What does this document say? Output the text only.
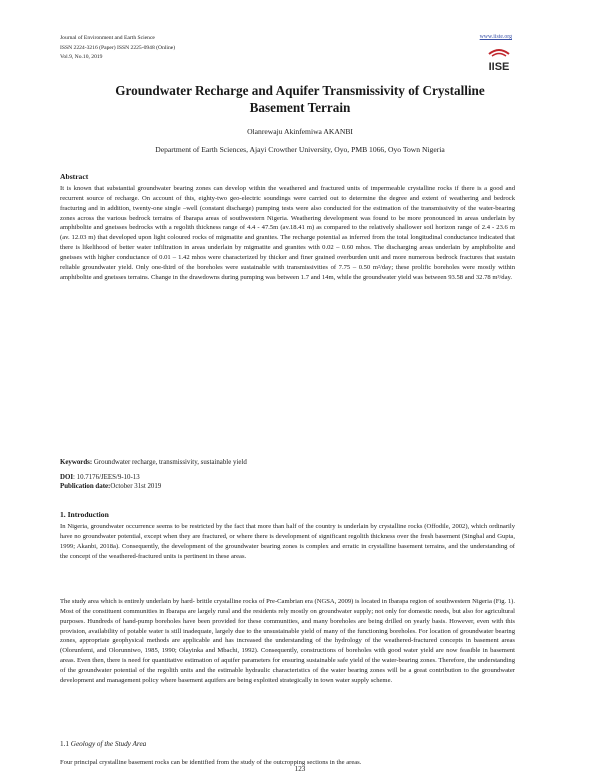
Journal of Environment and Earth Science
ISSN 2224-3216 (Paper) ISSN 2225-0948 (Online)
Vol.9, No.10, 2019
www.iiste.org
IISE
Groundwater Recharge and Aquifer Transmissivity of Crystalline
Basement Terrain
Olanrewaju Akinfemiwa AKANBI
Department of Earth Sciences, Ajayi Crowther University, Oyo, PMB 1066, Oyo Town Nigeria
Abstract
It is known that substantial groundwater bearing zones can develop within the weathered and fractured units of impermeable crystalline rocks if there is a good and recurrent source of recharge. On account of this, eighty-two geo-electric soundings were carried out to determine the degree and extent of weathering and bedrock fracturing and in addition, twenty-one single –well (constant discharge) pumping tests were also conducted for the estimation of the transmissivity of the water-bearing zones across the various bedrock terrains of Ibarapa areas of southwestern Nigeria. Weathering development was found to be more pronounced in areas underlain by amphibolite and gneisses bedrocks with a regolith thickness range of 4.4 - 47.5m (av.18.41 m) as compared to the relatively shallower soil horizon range of 2.4 - 23.6 m (av. 12.03 m) that developed upon light coloured rocks of migmatite and granites. The recharge potential as inferred from the total longitudinal conductance indicated that there is likelihood of better water infiltration in areas underlain by migmatite and granites with 0.02 – 0.60 mhos. The discharging areas underlain by amphibolite and gneisses with higher conductance of 0.01 – 1.42 mhos were characterized by thicker and finer grained overburden unit and more numerous bedrock fractures that sustain reliable groundwater yield. Only one-third of the boreholes were sustainable with transmissivities of 7.75 – 0.50 m²/day; these prolific boreholes were mostly within amphibolite and gneisses terrains. Change in the drawdowns during pumping was between 1.7 and 14m, while the groundwater yield was between 93.58 and 32.78 m³/day.
Keywords: Groundwater recharge, transmissivity, sustainable yield
DOI: 10.7176/JEES/9-10-13
Publication date:October 31st 2019
1. Introduction
In Nigeria, groundwater occurrence seems to be restricted by the fact that more than half of the country is underlain by crystalline rocks (Offodile, 2002), which ordinarily have no groundwater potential, except when they are fractured, or where there is development of significant regolith thickness over the fresh basement (Singhal and Gupta, 1999; Akanbi, 2018a). Consequently, the development of the groundwater bearing zones is complex and erratic in crystalline basement terrains, and the understanding of the concept of the weathered-fractured units is pertinent in these areas.
The study area which is entirely underlain by hard- brittle crystalline rocks of Pre-Cambrian era (NGSA, 2009) is located in Ibarapa region of southwestern Nigeria (Fig. 1). Most of the constituent communities in Ibarapa are largely rural and the residents rely mostly on groundwater supply; not only for domestic needs, but also for agricultural purposes. Hundreds of hand-pump boreholes have been provided for these communities, and many boreholes are being drilled on yearly basis. However, even with this provision, availability of potable water is still inadequate, largely due to the unsustainable yield of many of the functioning boreholes. For location of groundwater bearing zones, appropriate geophysical methods are applicable and has increased the understanding of the hydrology of the weathered-fractured concepts in basement areas (Olorunfemi, and Olorunniwo, 1985, 1990; Olayinka and Mbachi, 1992). Consequently, constructions of boreholes with good water yield are now feasible in basement areas. Even then, there is need for quantitative estimation of aquifer parameters for ensuring sustainable safe yield of the water-bearing zones. Therefore, the understanding of the groundwater potential of the regolith units and the estimable hydraulic characteristics of the water bearing zones will be a great contribution to the groundwater development and management policy where basement aquifers are being exploited strategically in town water supply scheme.
1.1 Geology of the Study Area
Four principal crystalline basement rocks can be identified from the study of the outcropping sections in the areas.
123
